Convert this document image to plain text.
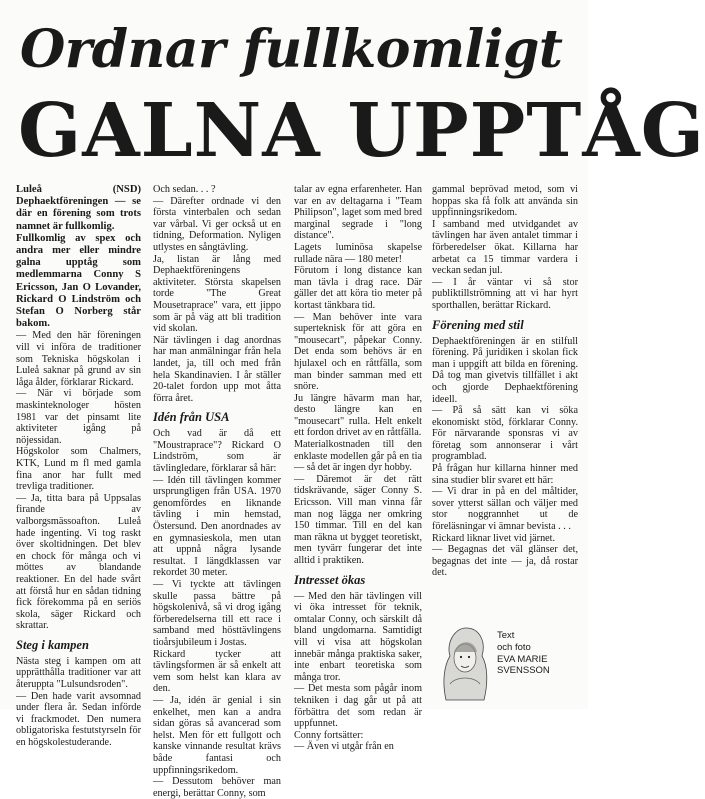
Ordnar fullkomligt
GALNA UPPTÅG

Luleå (NSD) Dephaektföreningen — se där en förening som trots namnet är fullkomlig.

Fullkomlig av spex och andra mer eller mindre galna upptåg som medlemmarna Conny S Ericsson, Jan O Lovander, Rickard O Lindström och Stefan O Norberg står bakom.

— Med den här föreningen vill vi införa de traditioner som Tekniska högskolan i Luleå saknar på grund av sin låga ålder, förklarar Rickard.

— När vi började som maskinteknologer hösten 1981 var det pinsamt lite aktiviteter igång på nöjessidan.

Högskolor som Chalmers, KTK, Lund m fl med gamla fina anor har fullt med trevliga traditioner.

— Ja, titta bara på Uppsalas firande av valborgsmässoafton. Luleå hade ingenting. Vi tog raskt över skoltidningen. Det blev en chock för många och vi möttes av blandande reaktioner. En del hade svårt att förstå hur en sådan tidning fick förekomma på en seriös skola, säger Rickard och skrattar.

Steg i kampen

Nästa steg i kampen om att upprätthålla traditioner var att återuppta "Lulsundsroden".

— Den hade varit avsomnad under flera år. Sedan införde vi frackmodet. Den numera obligatoriska festutstyrseln för en högskolestuderande.

Och sedan. . . ?

— Därefter ordnade vi den första vinterbalen och sedan var vårbal. Vi ger också ut en tidning, Deformation. Nyligen utlystes en sångtävling.

Ja, listan är lång med Dephaektföreningens aktiviteter. Största skapelsen torde "The Great Mousetraprace" vara, ett jippo som är på väg att bli tradition vid skolan.

När tävlingen i dag anordnas har man anmälningar från hela landet, ja, till och med från hela Skandinavien. I år ställer 20-talet fordon upp mot åtta förra året.

Idén från USA

Och vad är då ett "Moustraprace"? Rickard O Lindström, som är tävlingledare, förklarar så här:

— Idén till tävlingen kommer ursprungligen från USA. 1970 genomfördes en liknande tävling i min hemstad, Östersund. Den anordnades av en gymnasieskola, men utan att uppnå några lysande resultat. I längdklassen var rekordet 30 meter.

— Vi tyckte att tävlingen skulle passa bättre på högskolenivå, så vi drog igång förberedelserna till ett race i samband med hösttävlingens tioårsjubileum i Jostas.

Rickard tycker att tävlingsformen är så enkelt att vem som helst kan klara av den.

— Ja, idén är genial i sin enkelhet, men kan a andra sidan göras så avancerad som helst. Men för ett fullgott och kanske vinnande resultat krävs både fantasi och uppfinningsrikedom.

— Dessutom behöver man energi, berättar Conny, som

talar av egna erfarenheter. Han var en av deltagarna i "Team Philipson", laget som med bred marginal segrade i "long distance".

Lagets luminösa skapelse rullade nära — 180 meter!

Förutom i long distance kan man tävla i drag race. Där gäller det att köra tio meter på kortast tänkbara tid.

— Man behöver inte vara superteknisk för att göra en "mousecart", påpekar Conny. Det enda som behövs är en hjulaxel och en råttfälla, som man binder samman med ett snöre.

Ju längre hävarm man har, desto längre kan en "mousecart" rulla. Helt enkelt ett fordon drivet av en råttfälla.

Materialkostnaden till den enklaste modellen går på en tia — så det är ingen dyr hobby.

— Däremot är det rätt tidskrävande, säger Conny S. Ericsson. Vill man vinna får man nog lägga ner omkring 150 timmar. Till en del kan man räkna ut bygget teoretiskt, men tyvärr fungerar det inte alltid i praktiken.

Intresset ökas

— Med den här tävlingen vill vi öka intresset för teknik, omtalar Conny, och särskilt då bland ungdomarna. Samtidigt vill vi visa att högskolan innebär många praktiska saker, inte enbart teoretiska som många tror.

— Det mesta som pågår inom tekniken i dag går ut på att förbättra det som redan är uppfunnet.

Conny fortsätter:

— Även vi utgår från en

gammal beprövad metod, som vi hoppas ska få folk att använda sin uppfinningsrikedom.

I samband med utvidgandet av tävlingen har även antalet timmar i förberedelser ökat. Killarna har arbetat ca 15 timmar vardera i veckan sedan jul.

— I år väntar vi så stor publiktillströmning att vi har hyrt sporthallen, berättar Rickard.

Förening med stil

Dephaektföreningen är en stilfull förening. På juridiken i skolan fick man i uppgift att bilda en förening. Då tog man givetvis tillfället i akt och gjorde Dephaektförening ideell.

— På så sätt kan vi söka ekonomiskt stöd, förklarar Conny. För närvarande sponsras vi av företag som annonserar i vårt programblad.

På frågan hur killarna hinner med sina studier blir svaret ett här:

— Vi drar in på en del måltider, sover ytterst sällan och väljer med stor noggrannhet ut de föreläsningar vi ämnar bevista . . .

Rickard liknar livet vid järnet.

— Begagnas det väl glänser det, begagnas det inte — ja, då rostar det.

Text
och foto
EVA MARIE
SVENSSON
